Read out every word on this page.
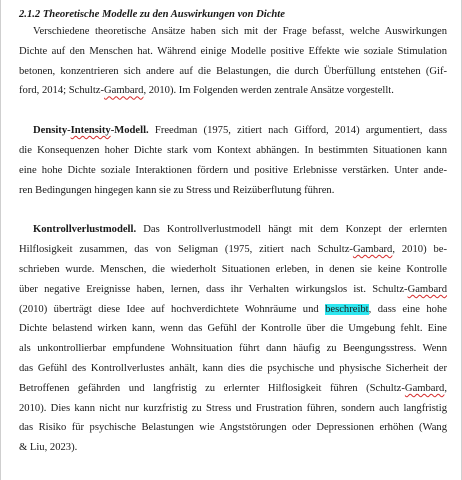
2.1.2 Theoretische Modelle zu den Auswirkungen von Dichte

Verschiedene theoretische Ansätze haben sich mit der Frage befasst, welche Auswirkungen

Dichte auf den Menschen hat. Während einige Modelle positive Effekte wie soziale Stimulation

betonen, konzentrieren sich andere auf die Belastungen, die durch Überfüllung entstehen (Gif-

ford, 2014; Schultz-Gambard, 2010). Im Folgenden werden zentrale Ansätze vorgestellt.

Density-Intensity-Modell. Freedman (1975, zitiert nach Gifford, 2014) argumentiert, dass

die Konsequenzen hoher Dichte stark vom Kontext abhängen. In bestimmten Situationen kann

eine hohe Dichte soziale Interaktionen fördern und positive Erlebnisse verstärken. Unter ande-

ren Bedingungen hingegen kann sie zu Stress und Reizüberflutung führen.

Kontrollverlustmodell. Das Kontrollverlustmodell hängt mit dem Konzept der erlernten

Hilflosigkeit zusammen, das von Seligman (1975, zitiert nach Schultz-Gambard, 2010) be-

schrieben wurde. Menschen, die wiederholt Situationen erleben, in denen sie keine Kontrolle

über negative Ereignisse haben, lernen, dass ihr Verhalten wirkungslos ist. Schultz-Gambard

(2010) überträgt diese Idee auf hochverdichtete Wohnräume und beschreibt, dass eine hohe

Dichte belastend wirken kann, wenn das Gefühl der Kontrolle über die Umgebung fehlt. Eine

als unkontrollierbar empfundene Wohnsituation führt dann häufig zu Beengungsstress. Wenn

das Gefühl des Kontrollverlustes anhält, kann dies die psychische und physische Sicherheit der

Betroffenen gefährden und langfristig zu erlernter Hilflosigkeit führen (Schultz-Gambard,

2010). Dies kann nicht nur kurzfristig zu Stress und Frustration führen, sondern auch langfristig

das Risiko für psychische Belastungen wie Angststörungen oder Depressionen erhöhen (Wang

& Liu, 2023).
